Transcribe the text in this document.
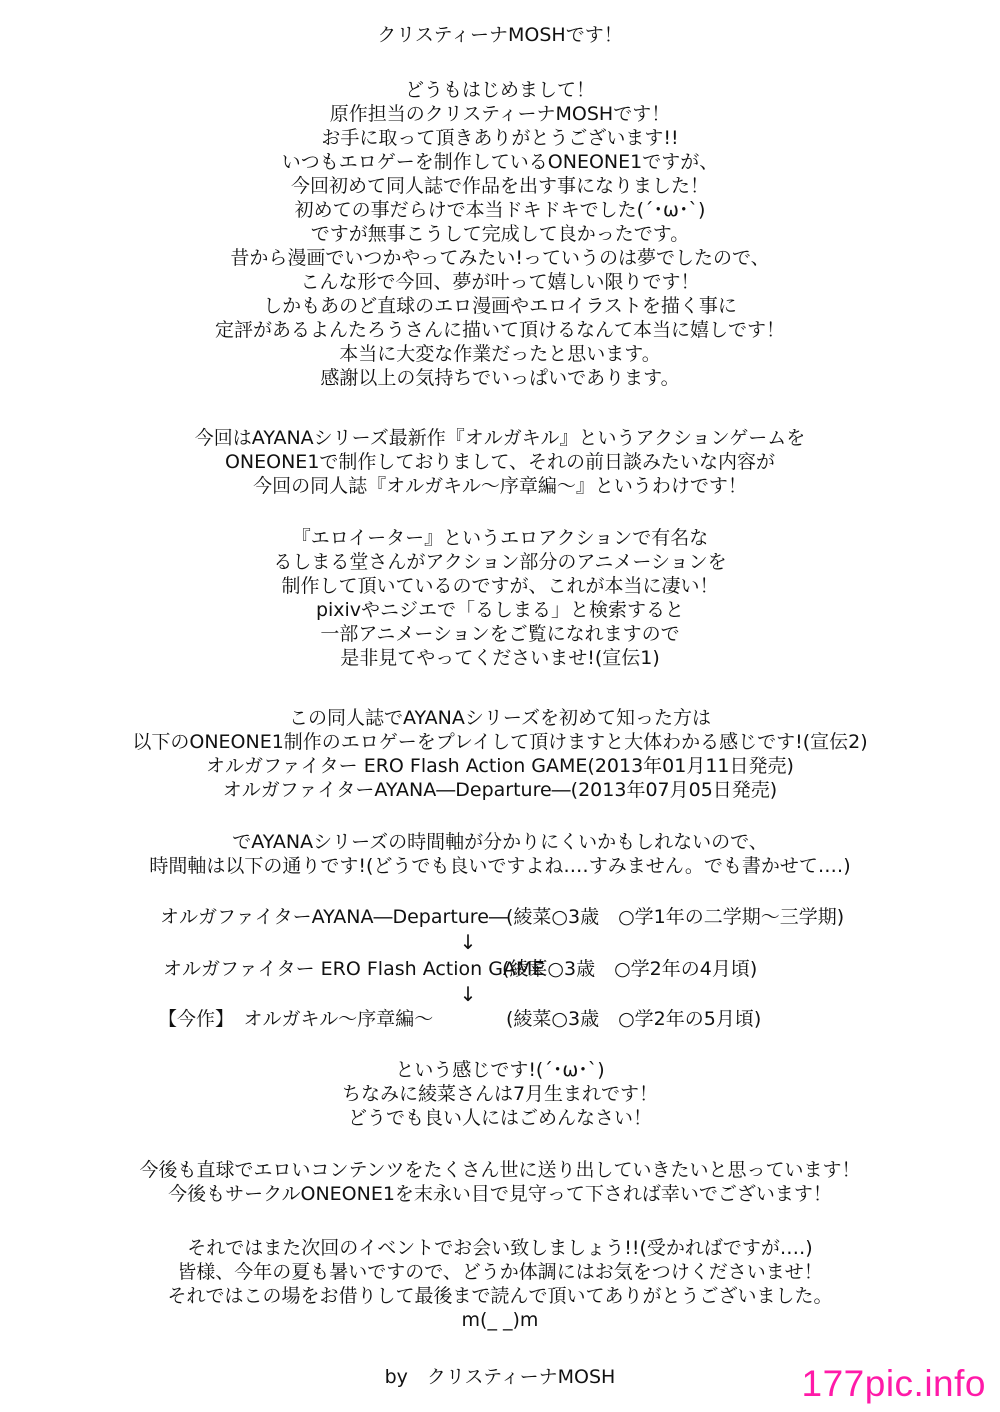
クリスティーナMOSHです！
どうもはじめまして！
原作担当のクリスティーナMOSHです！
お手に取って頂きありがとうございます!!
いつもエロゲーを制作しているONEONE1ですが、
今回初めて同人誌で作品を出す事になりました！
初めての事だらけで本当ドキドキでした(´･ω･`)
ですが無事こうして完成して良かったです。
昔から漫画でいつかやってみたい!っていうのは夢でしたので、
こんな形で今回、夢が叶って嬉しい限りです！
しかもあのど直球のエロ漫画やエロイラストを描く事に
定評があるよんたろうさんに描いて頂けるなんて本当に嬉しです！
本当に大変な作業だったと思います。
感謝以上の気持ちでいっぱいであります。
今回はAYANAシリーズ最新作『オルガキル』というアクションゲームを
ONEONE1で制作しておりまして、それの前日談みたいな内容が
今回の同人誌『オルガキル～序章編～』というわけです！
『エロイーター』というエロアクションで有名な
るしまる堂さんがアクション部分のアニメーションを
制作して頂いているのですが、これが本当に凄い！
pixivやニジエで「るしまる」と検索すると
一部アニメーションをご覧になれますので
是非見てやってくださいませ!(宣伝1)
この同人誌でAYANAシリーズを初めて知った方は
以下のONEONE1制作のエロゲーをプレイして頂けますと大体わかる感じです!(宣伝2)
オルガファイター ERO Flash Action GAME(2013年01月11日発売)
オルガファイターAYANA―Departure―(2013年07月05日発売)
でAYANAシリーズの時間軸が分かりにくいかもしれないので、
時間軸は以下の通りです!(どうでも良いですよね‥‥すみません。でも書かせて‥‥)
オルガファイターAYANA―Departure―
(綾菜○3歳　○学1年の二学期～三学期)
↓
オルガファイター ERO Flash Action GAME
(綾菜○3歳　○学2年の4月頃)
↓
【今作】　オルガキル～序章編～	(綾菜○3歳　○学2年の5月頃)
という感じです!(´･ω･`)
ちなみに綾菜さんは7月生まれです！
どうでも良い人にはごめんなさい！
今後も直球でエロいコンテンツをたくさん世に送り出していきたいと思っています！
今後もサークルONEONE1を末永い目で見守って下されば幸いでございます！
それではまた次回のイベントでお会い致しましょう!!(受かればですが‥‥)
皆様、今年の夏も暑いですので、どうか体調にはお気をつけくださいませ！
それではこの場をお借りして最後まで読んで頂いてありがとうございました。
m(_ _)m
by　クリスティーナMOSH	177pic.info
